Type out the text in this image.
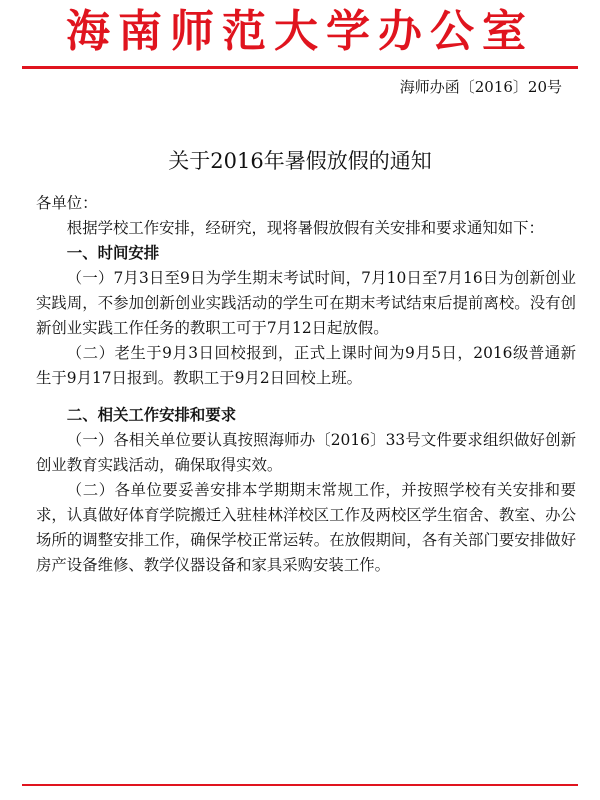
海南师范大学办公室
海师办函〔2016〕20号
关于2016年暑假放假的通知

各单位：

根据学校工作安排，经研究，现将暑假放假有关安排和要求通知如下：

一、时间安排

（一）7月3日至9日为学生期末考试时间，7月10日至7月16日为创新创业实践周，不参加创新创业实践活动的学生可在期末考试结束后提前离校。没有创新创业实践工作任务的教职工可于7月12日起放假。

（二）老生于9月3日回校报到，正式上课时间为9月5日，2016级普通新生于9月17日报到。教职工于9月2日回校上班。

二、相关工作安排和要求

（一）各相关单位要认真按照海师办〔2016〕33号文件要求组织做好创新创业教育实践活动，确保取得实效。

（二）各单位要妥善安排本学期期末常规工作，并按照学校有关安排和要求，认真做好体育学院搬迁入驻桂林洋校区工作及两校区学生宿舍、教室、办公场所的调整安排工作，确保学校正常运转。在放假期间，各有关部门要安排做好房产设备维修、教学仪器设备和家具采购安装工作。
